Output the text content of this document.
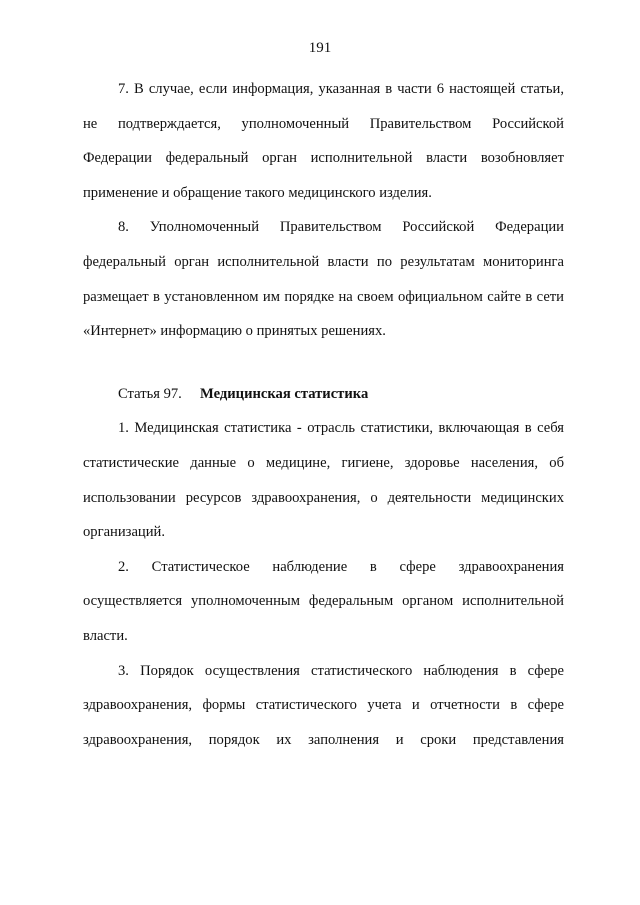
191

7. В случае, если информация, указанная в части 6 настоящей статьи, не подтверждается, уполномоченный Правительством Российской Федерации федеральный орган исполнительной власти возобновляет применение и обращение такого медицинского изделия.

8. Уполномоченный Правительством Российской Федерации федеральный орган исполнительной власти по результатам мониторинга размещает в установленном им порядке на своем официальном сайте в сети «Интернет» информацию о принятых решениях.

Статья 97. Медицинская статистика

1. Медицинская статистика - отрасль статистики, включающая в себя статистические данные о медицине, гигиене, здоровье населения, об использовании ресурсов здравоохранения, о деятельности медицинских организаций.

2. Статистическое наблюдение в сфере здравоохранения осуществляется уполномоченным федеральным органом исполнительной власти.

3. Порядок осуществления статистического наблюдения в сфере здравоохранения, формы статистического учета и отчетности в сфере здравоохранения, порядок их заполнения и сроки представления
